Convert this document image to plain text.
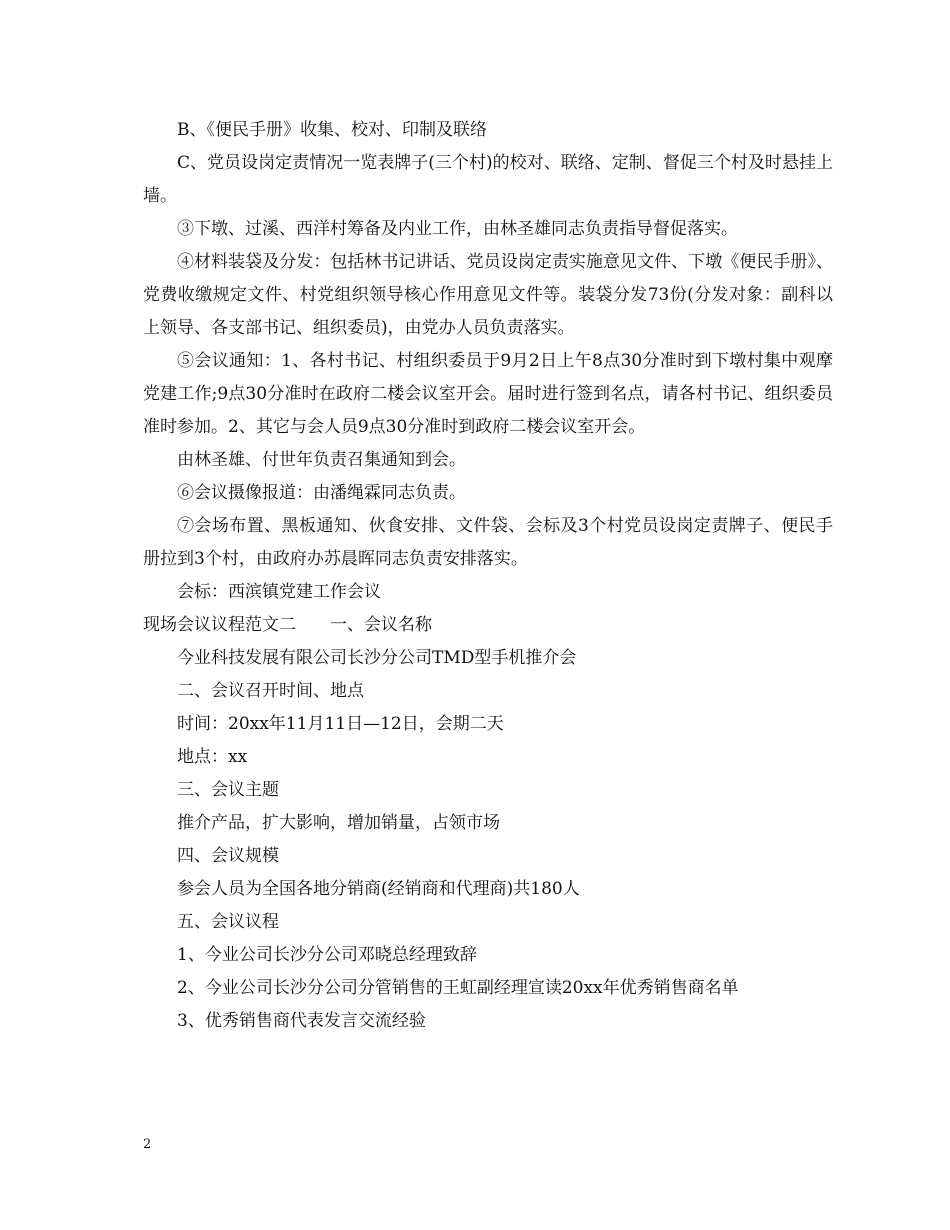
B、《便民手册》收集、校对、印制及联络

C、党员设岗定责情况一览表牌子(三个村)的校对、联络、定制、督促三个村及时悬挂上墙。

③下墩、过溪、西洋村筹备及内业工作，由林圣雄同志负责指导督促落实。

④材料装袋及分发：包括林书记讲话、党员设岗定责实施意见文件、下墩《便民手册》、党费收缴规定文件、村党组织领导核心作用意见文件等。装袋分发73份(分发对象：副科以上领导、各支部书记、组织委员)，由党办人员负责落实。

⑤会议通知：1、各村书记、村组织委员于9月2日上午8点30分准时到下墩村集中观摩党建工作;9点30分准时在政府二楼会议室开会。届时进行签到名点，请各村书记、组织委员准时参加。2、其它与会人员9点30分准时到政府二楼会议室开会。

由林圣雄、付世年负责召集通知到会。

⑥会议摄像报道：由潘绳霖同志负责。

⑦会场布置、黑板通知、伙食安排、文件袋、会标及3个村党员设岗定责牌子、便民手册拉到3个村，由政府办苏晨晖同志负责安排落实。

会标：西滨镇党建工作会议

现场会议议程范文二　　一、会议名称

今业科技发展有限公司长沙分公司TMD型手机推介会

二、会议召开时间、地点

时间：20xx年11月11日—12日，会期二天

地点：xx

三、会议主题

推介产品，扩大影响，增加销量，占领市场

四、会议规模

参会人员为全国各地分销商(经销商和代理商)共180人

五、会议议程

1、今业公司长沙分公司邓晓总经理致辞

2、今业公司长沙分公司分管销售的王虹副经理宣读20xx年优秀销售商名单

3、优秀销售商代表发言交流经验

2
